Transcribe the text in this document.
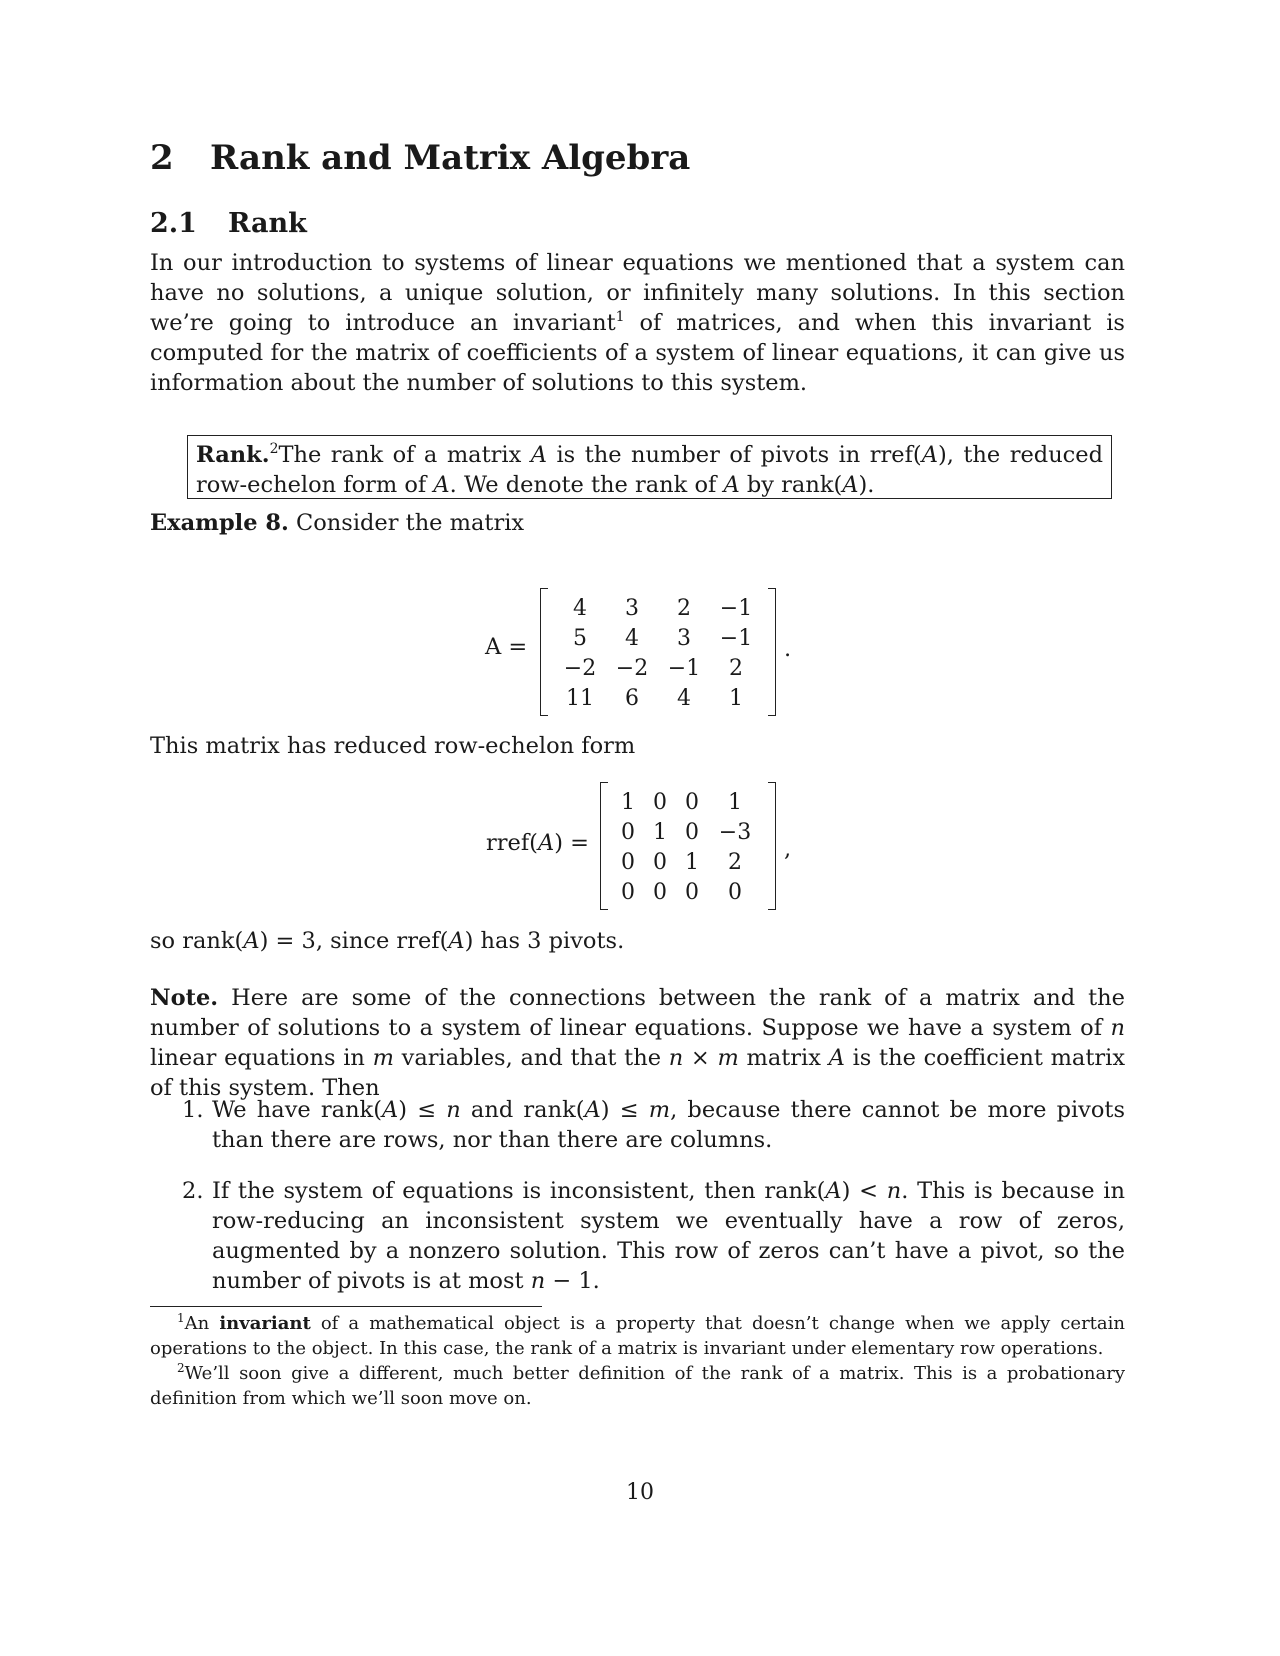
2 Rank and Matrix Algebra
2.1 Rank
In our introduction to systems of linear equations we mentioned that a system can have no solutions, a unique solution, or infinitely many solutions. In this section we’re going to introduce an invariant$^1$ of matrices, and when this invariant is computed for the matrix of coefficients of a system of linear equations, it can give us information about the number of solutions to this system.
Rank.$^2$The rank of a matrix A is the number of pivots in rref(A), the reduced row-echelon form of A. We denote the rank of A by rank(A).
Example 8. Consider the matrix
A =
4	3	2	−1
5	4	3	−1
−2 −2 −1	2
11	6	4	1
.
This matrix has reduced row-echelon form
rref(A) =
1 0 0	1
0 1 0 −3
0 0 1	2
0 0 0	0
,
so rank(A) = 3, since rref(A) has 3 pivots.
Note. Here are some of the connections between the rank of a matrix and the number of solutions to a system of linear equations. Suppose we have a system of n linear equations in m variables, and that the n × m matrix A is the coefficient matrix of this system. Then
1. We have rank(A) ≤ n and rank(A) ≤ m, because there cannot be more pivots than there are rows, nor than there are columns.
2. If the system of equations is inconsistent, then rank(A) < n. This is because in row-reducing an inconsistent system we eventually have a row of zeros, augmented by a nonzero solution. This row of zeros can’t have a pivot, so the number of pivots is at most n − 1.
$^1$An invariant of a mathematical object is a property that doesn’t change when we apply certain operations to the object. In this case, the rank of a matrix is invariant under elementary row operations.
$^2$We’ll soon give a different, much better definition of the rank of a matrix. This is a probationary definition from which we’ll soon move on.
10
